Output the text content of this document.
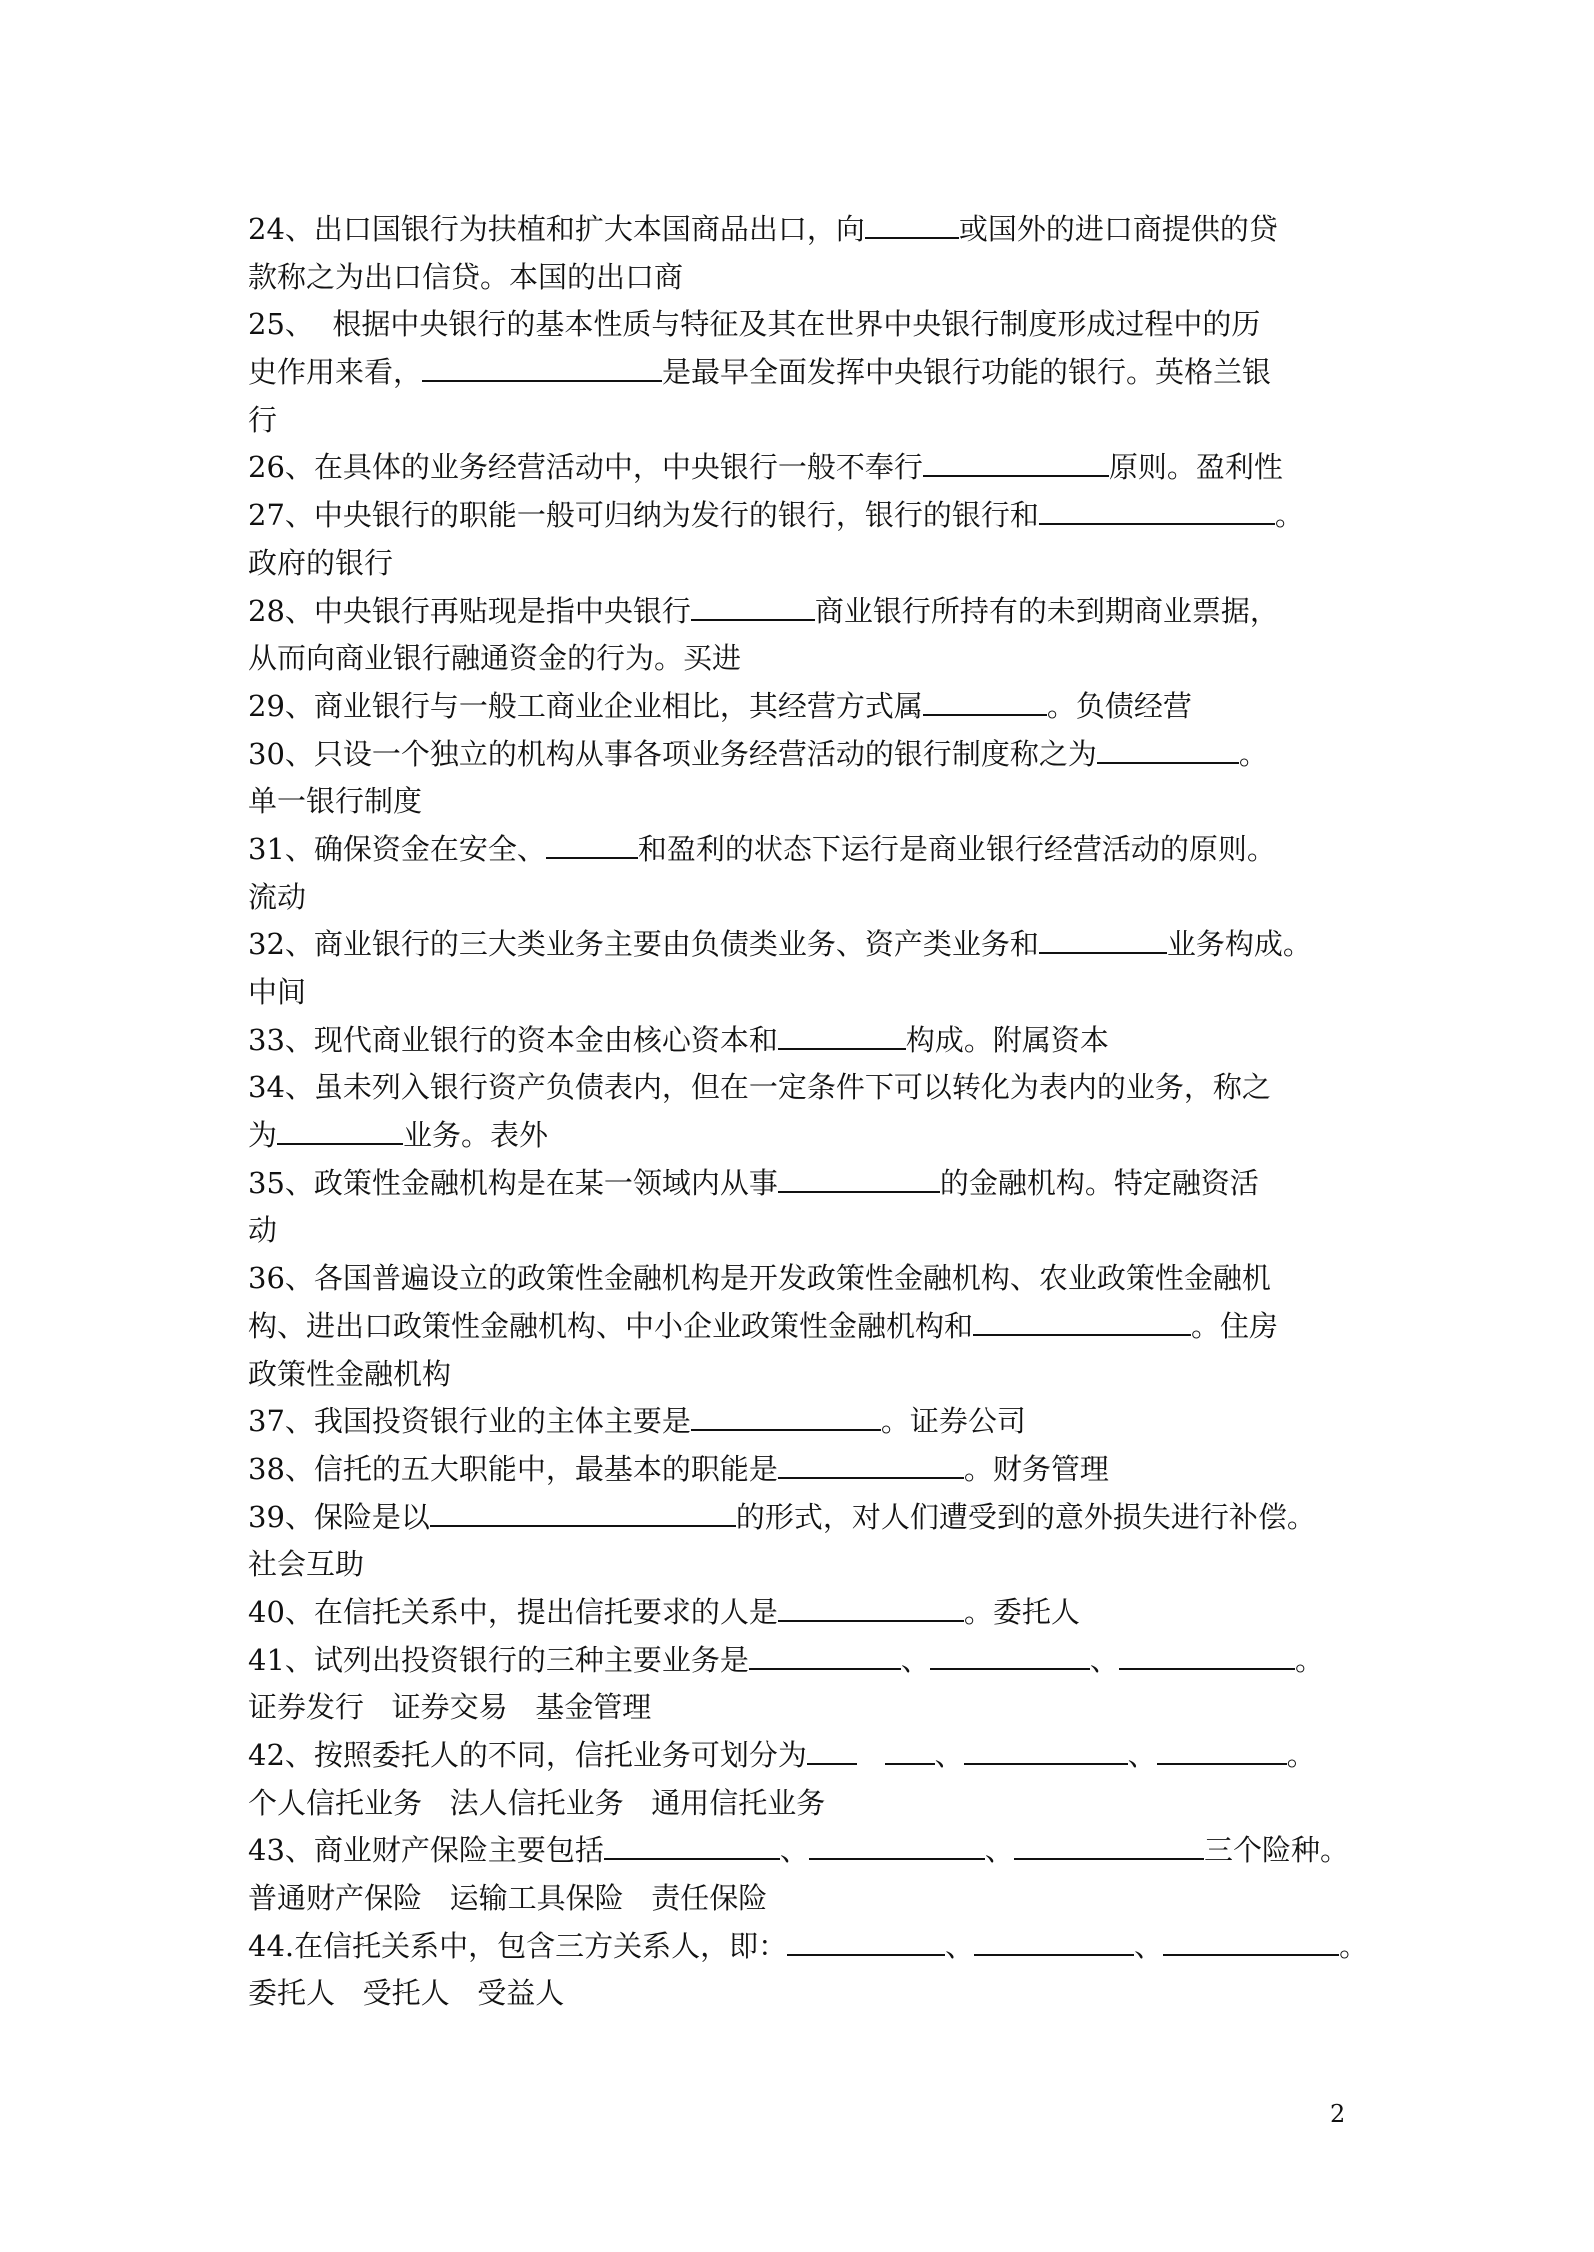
24、出口国银行为扶植和扩大本国商品出口，向	或国外的进口商提供的贷
款称之为出口信贷。本国的出口商
25、  根据中央银行的基本性质与特征及其在世界中央银行制度形成过程中的历
史作用来看，	是最早全面发挥中央银行功能的银行。英格兰银
行
26、在具体的业务经营活动中，中央银行一般不奉行	原则。盈利性
27、中央银行的职能一般可归纳为发行的银行，银行的银行和	。
政府的银行
28、中央银行再贴现是指中央银行	商业银行所持有的未到期商业票据，
从而向商业银行融通资金的行为。买进
29、商业银行与一般工商业企业相比，其经营方式属	。负债经营
30、只设一个独立的机构从事各项业务经营活动的银行制度称之为	。
单一银行制度
31、确保资金在安全、	和盈利的状态下运行是商业银行经营活动的原则。
流动
32、商业银行的三大类业务主要由负债类业务、资产类业务和	业务构成。
中间
33、现代商业银行的资本金由核心资本和	构成。附属资本
34、虽未列入银行资产负债表内，但在一定条件下可以转化为表内的业务，称之
为	业务。表外
35、政策性金融机构是在某一领域内从事	的金融机构。特定融资活
动
36、各国普遍设立的政策性金融机构是开发政策性金融机构、农业政策性金融机
构、进出口政策性金融机构、中小企业政策性金融机构和	。住房
政策性金融机构
37、我国投资银行业的主体主要是	。证券公司
38、信托的五大职能中，最基本的职能是	。财务管理
39、保险是以	的形式，对人们遭受到的意外损失进行补偿。
社会互助
40、在信托关系中，提出信托要求的人是	。委托人
41、试列出投资银行的三种主要业务是	、	、	。
证券发行   证券交易   基金管理
42、按照委托人的不同，信托业务可划分为	、	、	。
个人信托业务   法人信托业务   通用信托业务
43、商业财产保险主要包括	、	、	三个险种。
普通财产保险   运输工具保险   责任保险
44.在信托关系中，包含三方关系人，即：	、	、	。
委托人   受托人   受益人
2
